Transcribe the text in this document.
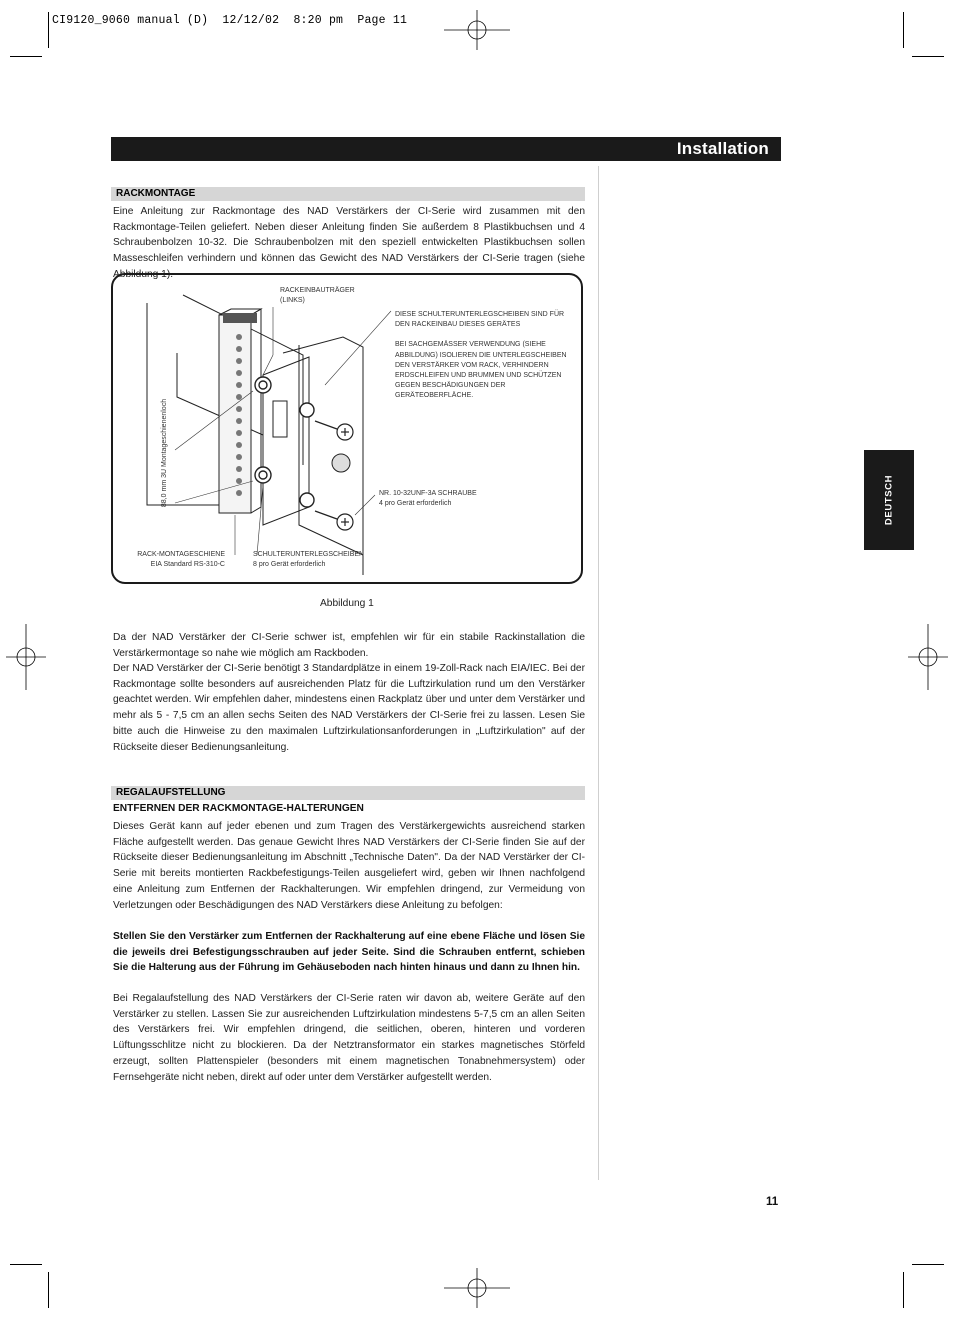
CI9120_9060 manual (D)  12/12/02  8:20 pm  Page 11
Installation
DEUTSCH
RACKMONTAGE

Eine Anleitung zur Rackmontage des NAD Verstärkers der CI-Serie wird zusammen mit den Rackmontage-Teilen geliefert. Neben dieser Anleitung finden Sie außerdem 8 Plastikbuchsen und 4 Schraubenbolzen 10-32. Die Schraubenbolzen mit den speziell entwickelten Plastikbuchsen sollen Masseschleifen verhindern und können das Gewicht des NAD Verstärkers der CI-Serie tragen (siehe Abbildung 1).

RACKEINBAUTRÄGER
(LINKS)
DIESE SCHULTERUNTERLEGSCHEIBEN SIND FÜR
DEN RACKEINBAU DIESES GERÄTES
BEI SACHGEMÄSSER VERWENDUNG (SIEHE
ABBILDUNG) ISOLIEREN DIE UNTERLEGSCHEIBEN
DEN VERSTÄRKER VOM RACK, VERHINDERN
ERDSCHLEIFEN UND BRUMMEN UND SCHÜTZEN
GEGEN BESCHÄDIGUNGEN DER
GERÄTEOBERFLÄCHE.
NR. 10-32UNF-3A SCHRAUBE
4 pro Gerät erforderlich
88,0 mm 3U Montageschienenloch
RACK-MONTAGESCHIENE
EIA Standard RS-310-C
SCHULTERUNTERLEGSCHEIBEN
8 pro Gerät erforderlich
Abbildung 1

Da der NAD Verstärker der CI-Serie schwer ist, empfehlen wir für ein stabile Rackinstallation die Verstärkermontage so nahe wie möglich am Rackboden.

Der NAD Verstärker der CI-Serie benötigt 3 Standardplätze in einem 19-Zoll-Rack nach EIA/IEC. Bei der Rackmontage sollte besonders auf ausreichenden Platz für die Luftzirkulation rund um den Verstärker geachtet werden. Wir empfehlen daher, mindestens einen Rackplatz über und unter dem Verstärker und mehr als 5 - 7,5 cm an allen sechs Seiten des NAD Verstärkers der CI-Serie frei zu lassen. Lesen Sie bitte auch die Hinweise zu den maximalen Luftzirkulationsanforderungen in „Luftzirkulation" auf der Rückseite dieser Bedienungsanleitung.

REGALAUFSTELLUNG
ENTFERNEN DER RACKMONTAGE-HALTERUNGEN

Dieses Gerät kann auf jeder ebenen und zum Tragen des Verstärkergewichts ausreichend starken Fläche aufgestellt werden. Das genaue Gewicht Ihres NAD Verstärkers der CI-Serie finden Sie auf der Rückseite dieser Bedienungsanleitung im Abschnitt „Technische Daten". Da der NAD Verstärker der CI-Serie mit bereits montierten Rackbefestigungs-Teilen ausgeliefert wird, geben wir Ihnen nachfolgend eine Anleitung zum Entfernen der Rackhalterungen. Wir empfehlen dringend, zur Vermeidung von Verletzungen oder Beschädigungen des NAD Verstärkers diese Anleitung zu befolgen:

Stellen Sie den Verstärker zum Entfernen der Rackhalterung auf eine ebene Fläche und lösen Sie die jeweils drei Befestigungsschrauben auf jeder Seite. Sind die Schrauben entfernt, schieben Sie die Halterung aus der Führung im Gehäuseboden nach hinten hinaus und dann zu Ihnen hin.

Bei Regalaufstellung des NAD Verstärkers der CI-Serie raten wir davon ab, weitere Geräte auf den Verstärker zu stellen. Lassen Sie zur ausreichenden Luftzirkulation mindestens 5-7,5 cm an allen Seiten des Verstärkers frei. Wir empfehlen dringend, die seitlichen, oberen, hinteren und vorderen Lüftungsschlitze nicht zu blockieren. Da der Netztransformator ein starkes magnetisches Störfeld erzeugt, sollten Plattenspieler (besonders mit einem magnetischen Tonabnehmersystem) oder Fernsehgeräte nicht neben, direkt auf oder unter dem Verstärker aufgestellt werden.

11
